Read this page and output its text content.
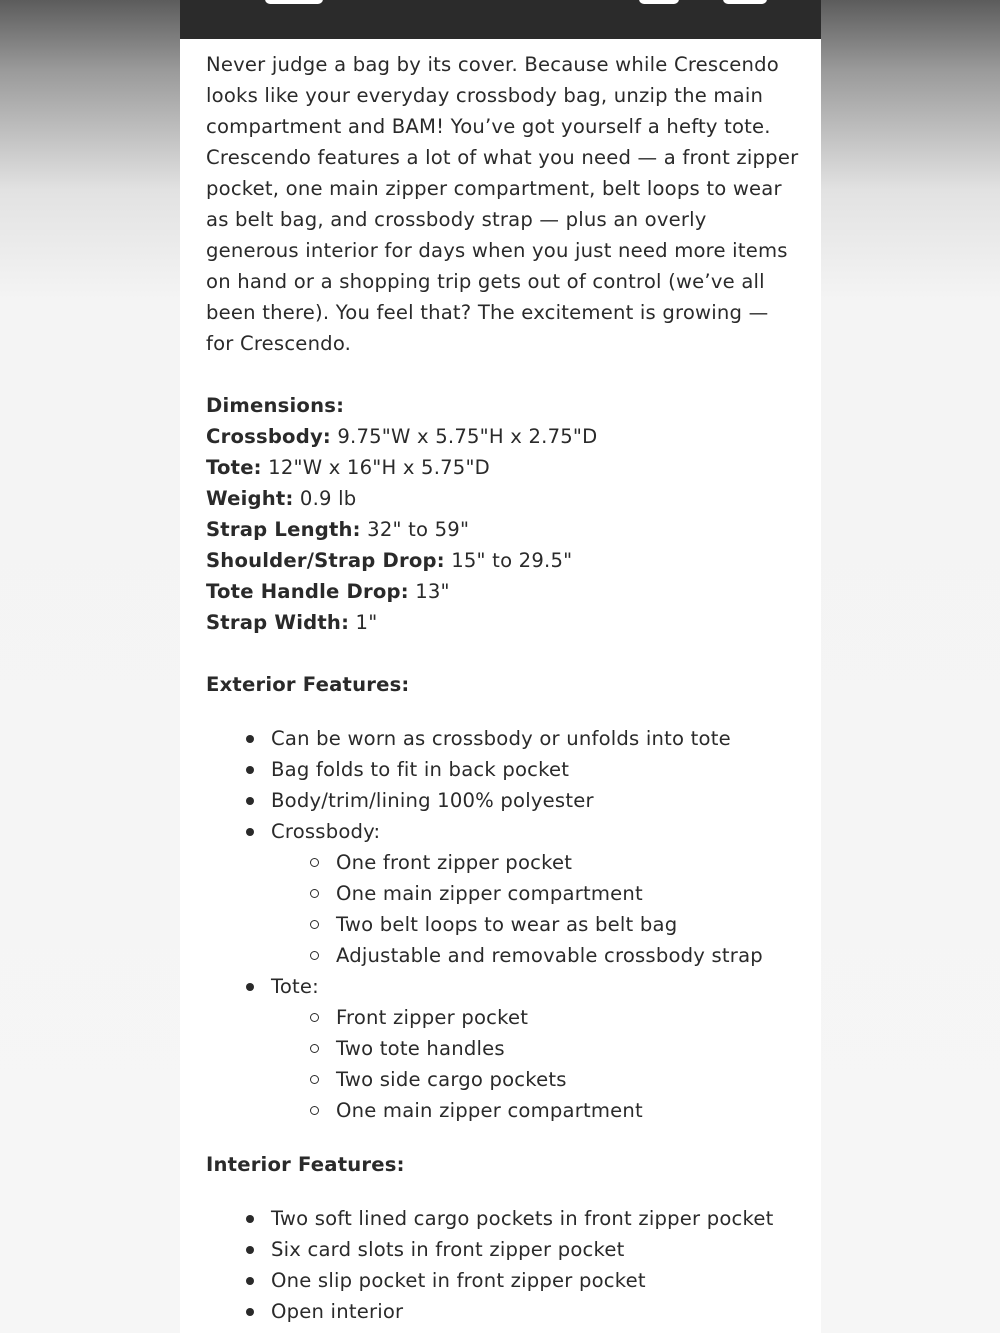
Never judge a bag by its cover. Because while Crescendo looks like your everyday crossbody bag, unzip the main compartment and BAM! You’ve got yourself a hefty tote. Crescendo features a lot of what you need — a front zipper pocket, one main zipper compartment, belt loops to wear as belt bag, and crossbody strap — plus an overly generous interior for days when you just need more items on hand or a shopping trip gets out of control (we’ve all been there). You feel that? The excitement is growing — for Crescendo.

Dimensions:

Crossbody: 9.75"W x 5.75"H x 2.75"D

Tote: 12"W x 16"H x 5.75"D

Weight: 0.9 lb

Strap Length: 32" to 59"

Shoulder/Strap Drop: 15" to 29.5"

Tote Handle Drop: 13"

Strap Width: 1"

Exterior Features:

Can be worn as crossbody or unfolds into tote
Bag folds to fit in back pocket
Body/trim/lining 100% polyester
Crossbody:
One front zipper pocket
One main zipper compartment
Two belt loops to wear as belt bag
Adjustable and removable crossbody strap
Tote:
Front zipper pocket
Two tote handles
Two side cargo pockets
One main zipper compartment

Interior Features:

Two soft lined cargo pockets in front zipper pocket
Six card slots in front zipper pocket
One slip pocket in front zipper pocket
Open interior
